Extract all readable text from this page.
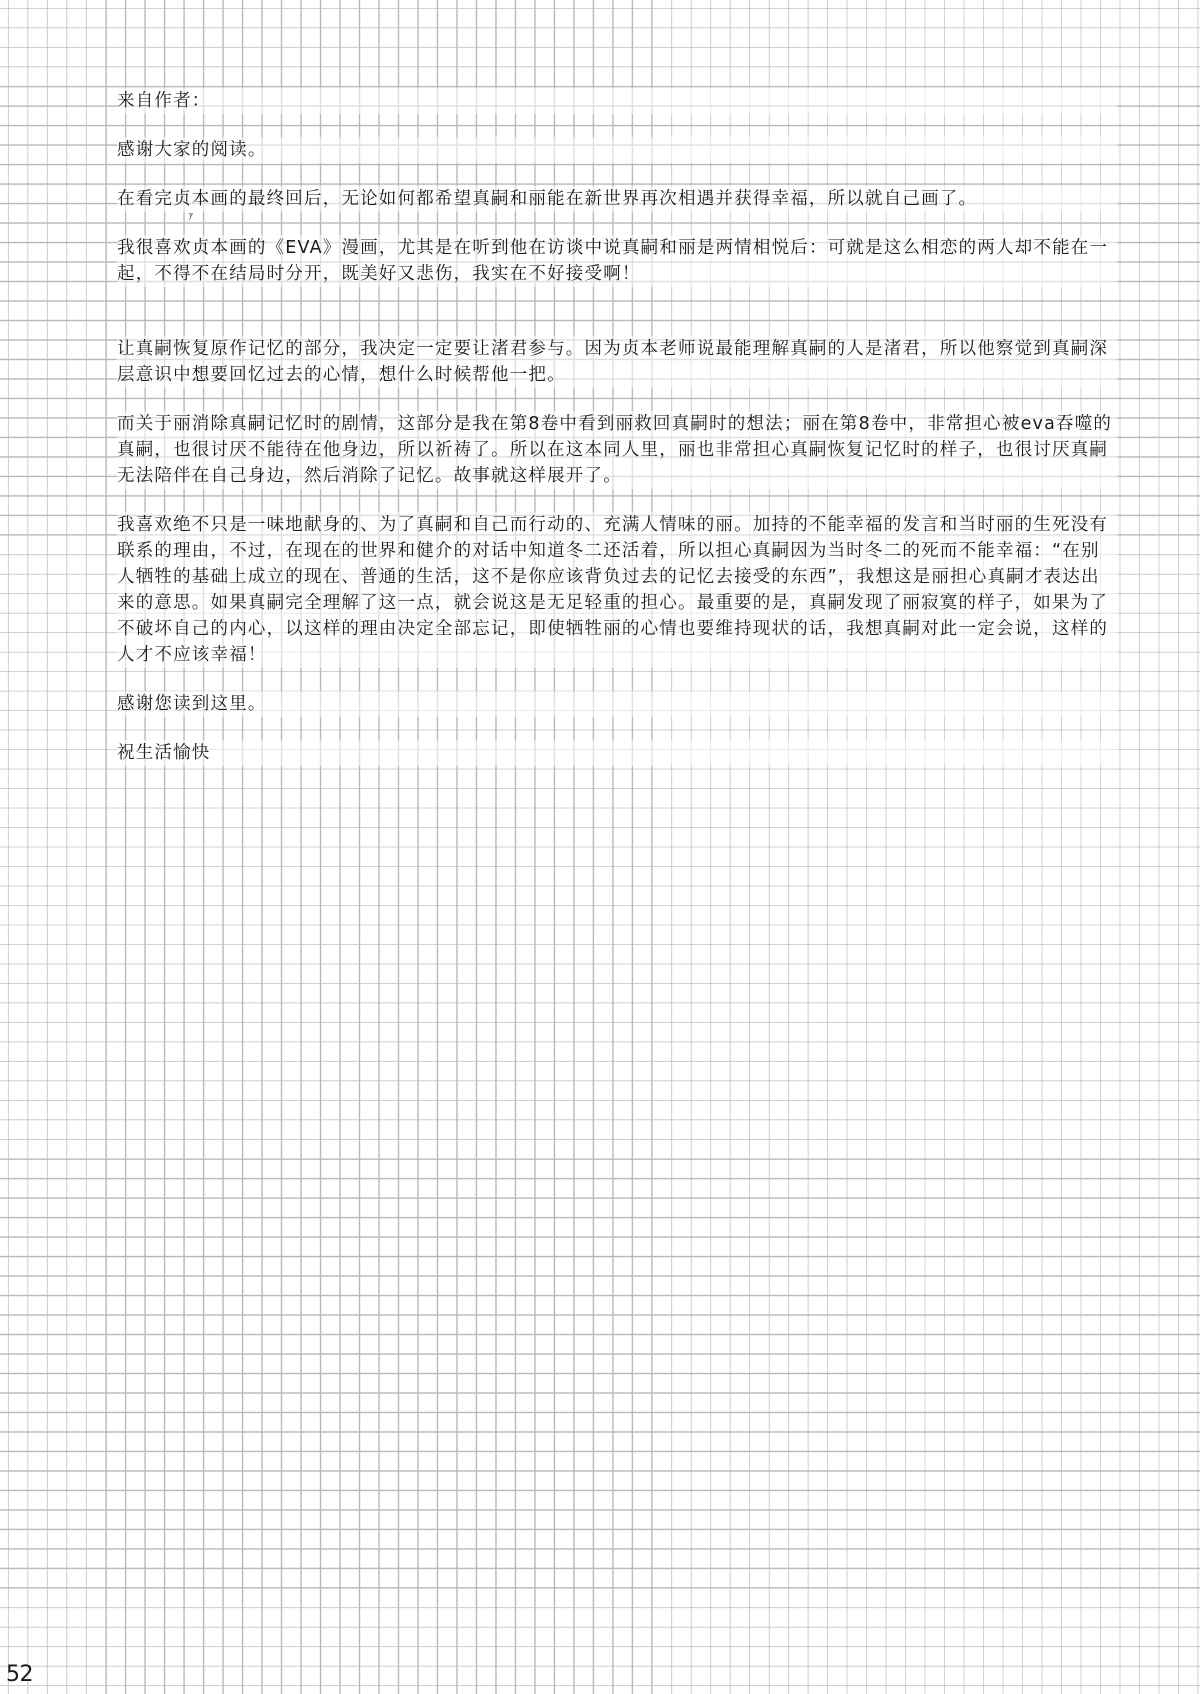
来自作者：

感谢大家的阅读。

在看完贞本画的最终回后，无论如何都希望真嗣和丽能在新世界再次相遇并获得幸福，所以就自己画了。

我很喜欢贞本画的《EVA》漫画，尤其是在听到他在访谈中说真嗣和丽是两情相悦后：可就是这么相恋的两人却不能在一起，不得不在结局时分开，既美好又悲伤，我实在不好接受啊！

让真嗣恢复原作记忆的部分，我决定一定要让渚君参与。因为贞本老师说最能理解真嗣的人是渚君，所以他察觉到真嗣深层意识中想要回忆过去的心情，想什么时候帮他一把。

而关于丽消除真嗣记忆时的剧情，这部分是我在第8卷中看到丽救回真嗣时的想法；丽在第8卷中，非常担心被eva吞噬的真嗣，也很讨厌不能待在他身边，所以祈祷了。所以在这本同人里，丽也非常担心真嗣恢复记忆时的样子，也很讨厌真嗣无法陪伴在自己身边，然后消除了记忆。故事就这样展开了。

我喜欢绝不只是一味地献身的、为了真嗣和自己而行动的、充满人情味的丽。加持的不能幸福的发言和当时丽的生死没有联系的理由，不过，在现在的世界和健介的对话中知道冬二还活着，所以担心真嗣因为当时冬二的死而不能幸福：“在别人牺牲的基础上成立的现在、普通的生活，这不是你应该背负过去的记忆去接受的东西”，我想这是丽担心真嗣才表达出来的意思。如果真嗣完全理解了这一点，就会说这是无足轻重的担心。最重要的是，真嗣发现了丽寂寞的样子，如果为了不破坏自己的内心，以这样的理由决定全部忘记，即使牺牲丽的心情也要维持现状的话，我想真嗣对此一定会说，这样的人才不应该幸福！

感谢您读到这里。

祝生活愉快

ｧ
52
